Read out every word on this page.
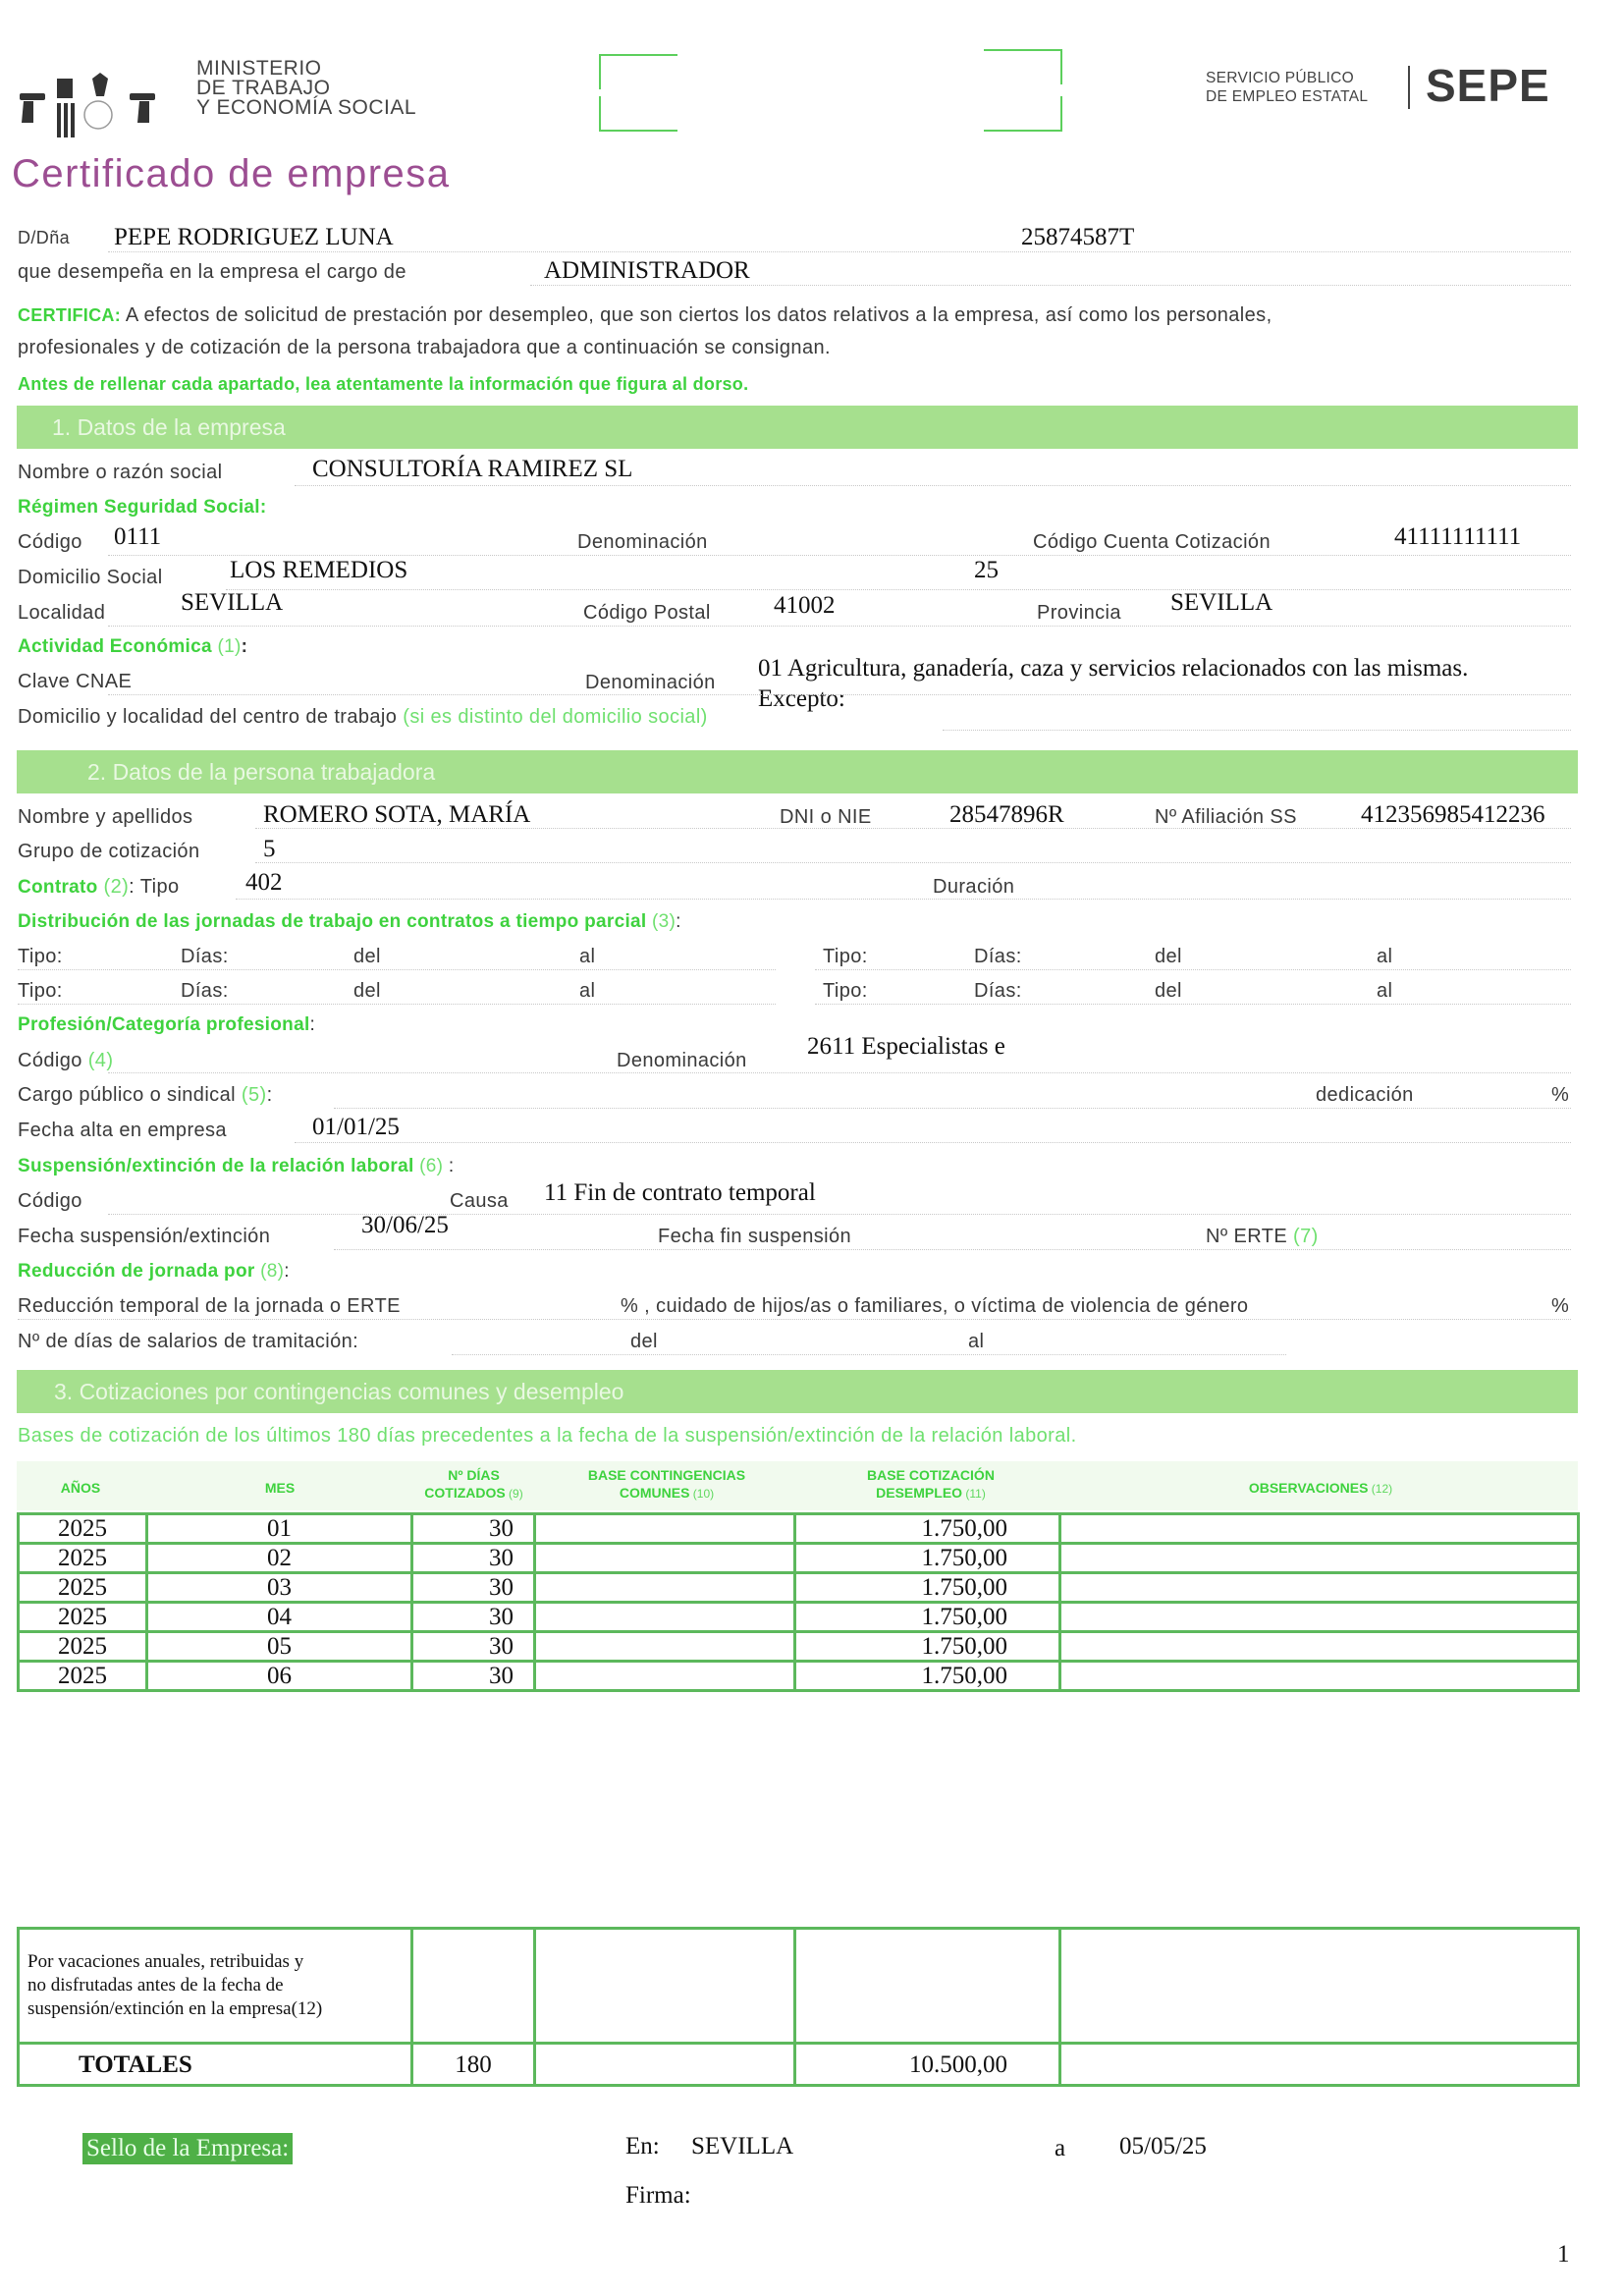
MINISTERIO
DE TRABAJO
Y ECONOMÍA SOCIAL
SERVICIO PÚBLICO
DE EMPLEO ESTATAL SEPE
Certificado de empresa
D/Dña PEPE RODRIGUEZ LUNA	25874587T
que desempeña en la empresa el cargo de	ADMINISTRADOR
CERTIFICA: A efectos de solicitud de prestación por desempleo, que son ciertos los datos relativos a la empresa, así como los personales,
profesionales y de cotización de la persona trabajadora que a continuación se consignan.
Antes de rellenar cada apartado, lea atentamente la información que figura al dorso.
1. Datos de la empresa
Nombre o razón social	CONSULTORÍA RAMIREZ SL
Régimen Seguridad Social:
Código 0111	Denominación	Código Cuenta Cotización	41111111111
Domicilio Social	LOS REMEDIOS	25
Localidad	SEVILLA	Código Postal	41002	Provincia SEVILLA
Actividad Económica (1):
Clave CNAE	Denominación
01 Agricultura, ganadería, caza y servicios relacionados con las mismas.
Excepto:
Domicilio y localidad del centro de trabajo (si es distinto del domicilio social)
2. Datos de la persona trabajadora
Nombre y apellidos	ROMERO SOTA, MARÍA	DNI o NIE	28547896R	Nº Afiliación SS	412356985412236
Grupo de cotización	5
Contrato (2): Tipo	402	Duración
Distribución de las jornadas de trabajo en contratos a tiempo parcial (3):
Tipo:	Días:	del	al	Tipo:	Días:	del	al
Tipo:	Días:	del	al	Tipo:	Días:	del	al
Profesión/Categoría profesional:
Código (4)	Denominación
2611 Especialistas e
Cargo público o sindical (5):	dedicación	%
Fecha alta en empresa	01/01/25
Suspensión/extinción de la relación laboral (6) :
Código	Causa 11 Fin de contrato temporal
Fecha suspensión/extinción	30/06/25	Fecha fin suspensión	Nº ERTE (7)
Reducción de jornada por (8):
Reducción temporal de la jornada o ERTE	% , cuidado de hijos/as o familiares, o víctima de violencia de género	%
Nº de días de salarios de tramitación:	del	al
3. Cotizaciones por contingencias comunes y desempleo
Bases de cotización de los últimos 180 días precedentes a la fecha de la suspensión/extinción de la relación laboral.
AÑOS	MES
Nº DÍAS
COTIZADOS (9)
BASE CONTINGENCIAS
COMUNES (10)
BASE COTIZACIÓN
DESEMPLEO (11)	OBSERVACIONES (12)
2025	01	30		1.750,00	
2025	02	30		1.750,00	
2025	03	30		1.750,00	
2025	04	30		1.750,00	
2025	05	30		1.750,00	
2025	06	30		1.750,00	
Por vacaciones anuales, retribuidas y
no disfrutadas antes de la fecha de
suspensión/extinción en la empresa(12)				

TOTALES	180		10.500,00	
Sello de la Empresa:	En: SEVILLA	a 05/05/25
Firma:
1
